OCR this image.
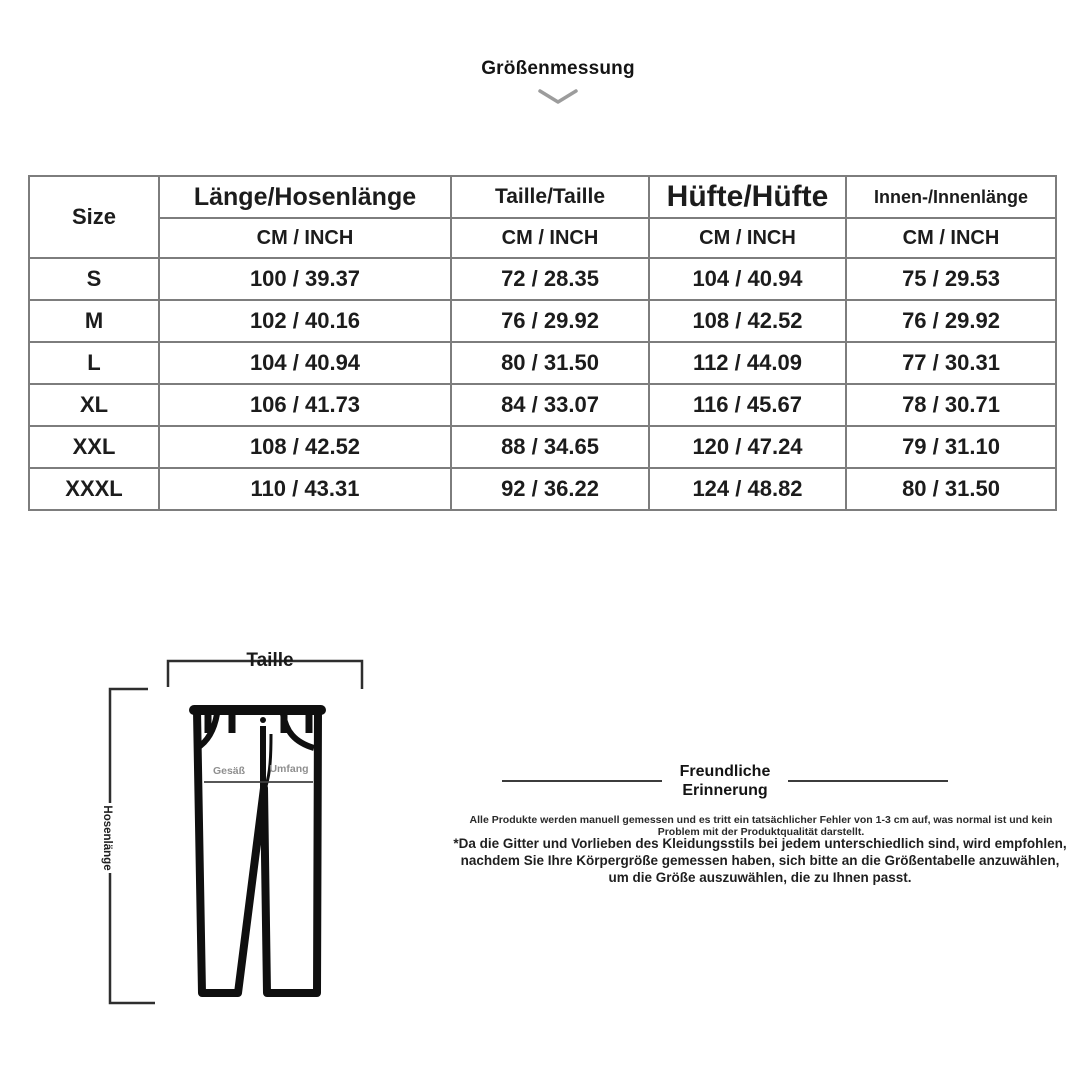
Größenmessung
Size	Länge/Hosenlänge	Taille/Taille	Hüfte/Hüfte	Innen-/Innenlänge
	CM / INCH	CM / INCH	CM / INCH	CM / INCH
S	100 / 39.37	72 / 28.35	104 / 40.94	75 / 29.53
M	102 / 40.16	76 / 29.92	108 / 42.52	76 / 29.92
L	104 / 40.94	80 / 31.50	112 / 44.09	77 / 30.31
XL	106 / 41.73	84 / 33.07	116 / 45.67	78 / 30.71
XXL	108 / 42.52	88 / 34.65	120 / 47.24	79 / 31.10
XXXL	110 / 43.31	92 / 36.22	124 / 48.82	80 / 31.50
Taille
Hosenlänge
Gesäß Umfang	Freundliche
Erinnerung
Alle Produkte werden manuell gemessen und es tritt ein tatsächlicher Fehler von 1-3 cm auf, was normal ist und kein Problem mit der Produktqualität darstellt.
*Da die Gitter und Vorlieben des Kleidungsstils bei jedem unterschiedlich sind, wird empfohlen, nachdem Sie Ihre Körpergröße gemessen haben, sich bitte an die Größentabelle anzuwählen, um die Größe auszuwählen, die zu Ihnen passt.
